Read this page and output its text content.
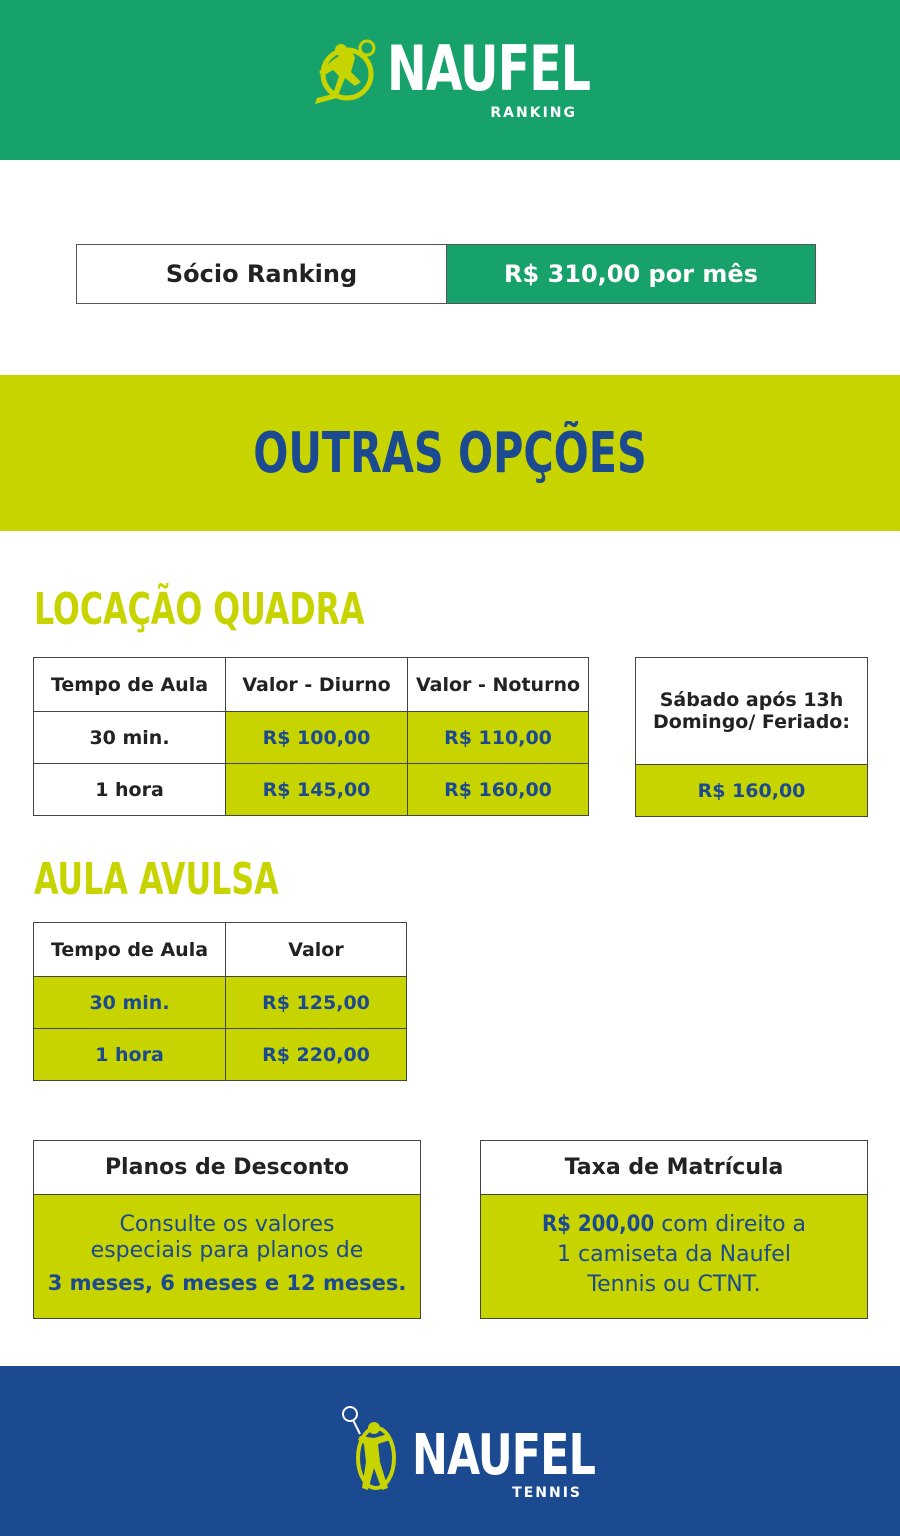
NAUFEL
RANKING
Sócio Ranking	R$ 310,00 por mês
OUTRAS OPÇÕES
LOCAÇÃO QUADRA
Tempo de Aula	Valor - Diurno	Valor - Noturno
30 min.	R$ 100,00	R$ 110,00
1 hora	R$ 145,00	R$ 160,00
Sábado após 13h
Domingo/ Feriado:

R$ 160,00
AULA AVULSA
Tempo de Aula	Valor
30 min.	R$ 125,00
1 hora	R$ 220,00
Planos de Desconto
Consulte os valores
especiais para planos de
3 meses, 6 meses e 12 meses.
Taxa de Matrícula
R$ 200,00 com direito a
1 camiseta da Naufel
Tennis ou CTNT.
NAUFEL
TENNIS
